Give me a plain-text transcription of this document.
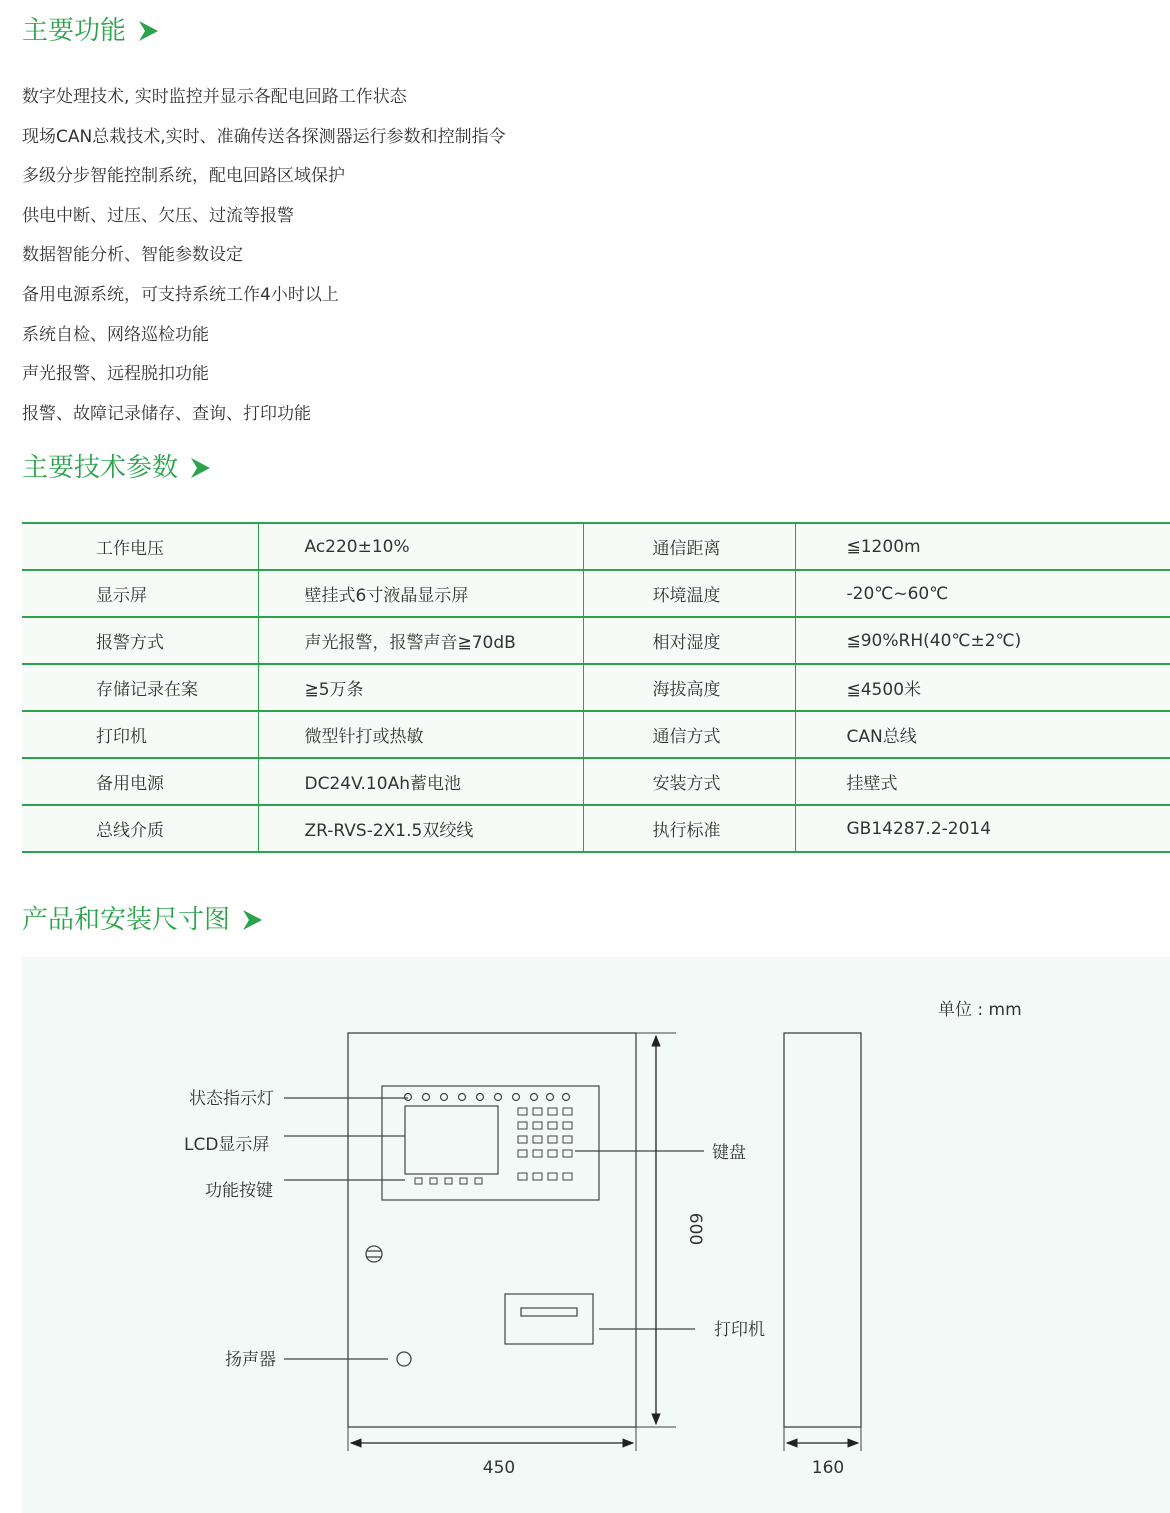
主要功能
数字处理技术, 实时监控并显示各配电回路工作状态
现场CAN总栽技术,实时、准确传送各探测器运行参数和控制指令
多级分步智能控制系统，配电回路区域保护
供电中断、过压、欠压、过流等报警
数据智能分析、智能参数设定
备用电源系统，可支持系统工作4小时以上
系统自检、网络巡检功能
声光报警、远程脱扣功能
报警、故障记录储存、查询、打印功能
主要技术参数
工作电压	Ac220±10%	通信距离	≦1200m
显示屏	壁挂式6寸液晶显示屏	环境温度	-20℃~60℃
报警方式	声光报警，报警声音≧70dB	相对湿度	≦90%RH(40℃±2℃)
存储记录在案	≧5万条	海拔高度	≦4500米
打印机	微型针打或热敏	通信方式	CAN总线
备用电源	DC24V.10Ah蓄电池	安装方式	挂壁式
总线介质	ZR-RVS-2X1.5双绞线	执行标准	GB14287.2-2014
产品和安装尺寸图
单位 : mm
状态指示灯
LCD显示屏
功能按键
键盘
打印机
扬声器
600
450	160
